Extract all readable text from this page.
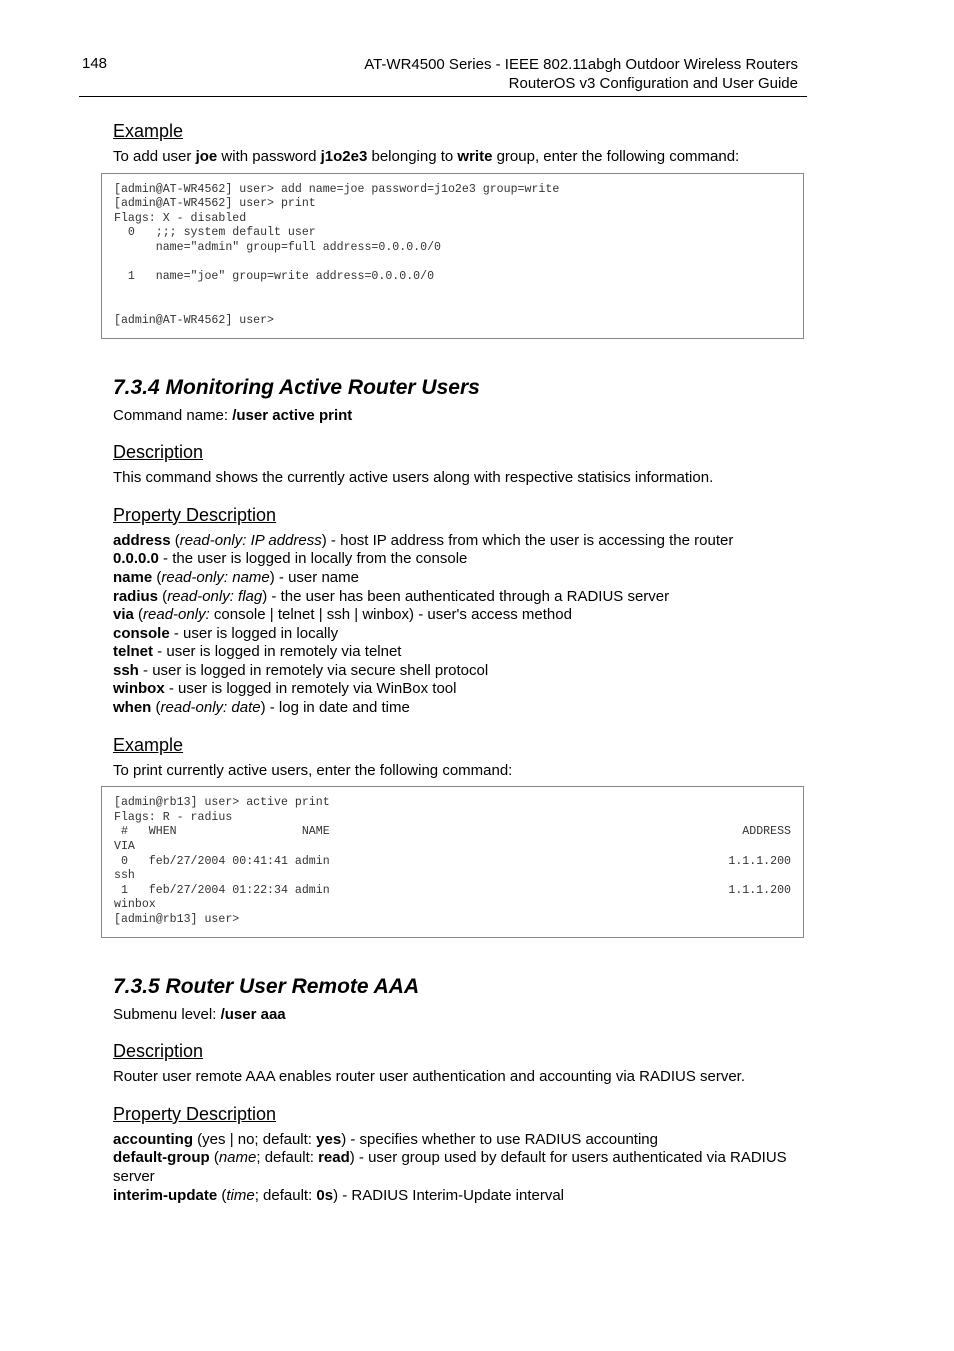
148	AT-WR4500 Series - IEEE 802.11abgh Outdoor Wireless Routers
RouterOS v3 Configuration and User Guide
Example

To add user joe with password j1o2e3 belonging to write group, enter the following command:

[admin@AT-WR4562] user> add name=joe password=j1o2e3 group=write
[admin@AT-WR4562] user> print
Flags: X - disabled
0   ;;; system default user
name="admin" group=full address=0.0.0.0/0

1   name="joe" group=write address=0.0.0.0/0

[admin@AT-WR4562] user>
7.3.4 Monitoring Active Router Users

Command name: /user active print

Description

This command shows the currently active users along with respective statisics information.

Property Description
address (read-only: IP address) - host IP address from which the user is accessing the router
0.0.0.0 - the user is logged in locally from the console
name (read-only: name) - user name
radius (read-only: flag) - the user has been authenticated through a RADIUS server
via (read-only: console | telnet | ssh | winbox) - user's access method
console - user is logged in locally
telnet - user is logged in remotely via telnet
ssh - user is logged in remotely via secure shell protocol
winbox - user is logged in remotely via WinBox tool
when (read-only: date) - log in date and time
Example

To print currently active users, enter the following command:

[admin@rb13] user> active print
Flags: R - radius
#   WHEN                  NAME	ADDRESS
VIA
0   feb/27/2004 00:41:41 admin	1.1.1.200
ssh
1   feb/27/2004 01:22:34 admin	1.1.1.200
winbox
[admin@rb13] user>
7.3.5 Router User Remote AAA

Submenu level: /user aaa

Description

Router user remote AAA enables router user authentication and accounting via RADIUS server.

Property Description
accounting (yes | no; default: yes) - specifies whether to use RADIUS accounting
default-group (name; default: read) - user group used by default for users authenticated via RADIUS server
interim-update (time; default: 0s) - RADIUS Interim-Update interval
